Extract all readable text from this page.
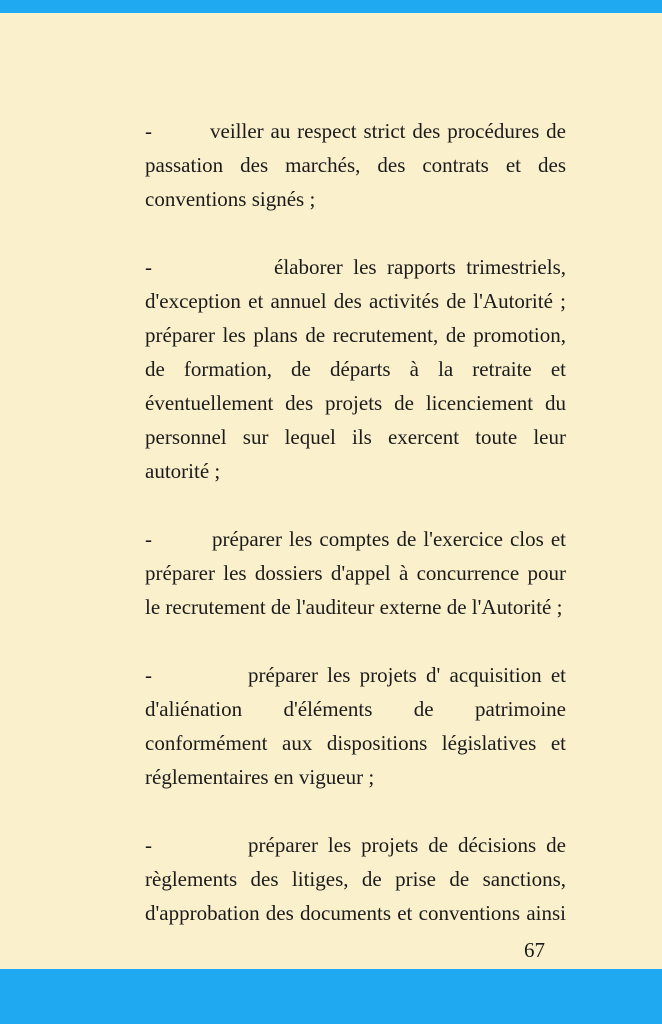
-	veiller au respect strict des procédures de passation des marchés, des contrats et des conventions signés ;

-	élaborer les rapports trimestriels, d'exception et annuel des activités de l'Autorité ; préparer les plans de recrutement, de promotion, de formation, de départs à la retraite et éventuellement des projets de licenciement du personnel sur lequel ils exercent toute leur autorité ;

-	préparer les comptes de l'exercice clos et préparer les dossiers d'appel à concurrence pour le recrutement de l'auditeur externe de l'Autorité ;

-	préparer les projets d' acquisition et d'aliénation d'éléments de patrimoine conformément aux dispositions législatives et réglementaires en vigueur ;

-	préparer les projets de décisions de règlements des litiges, de prise de sanctions, d'approbation des documents et conventions ainsi

67
